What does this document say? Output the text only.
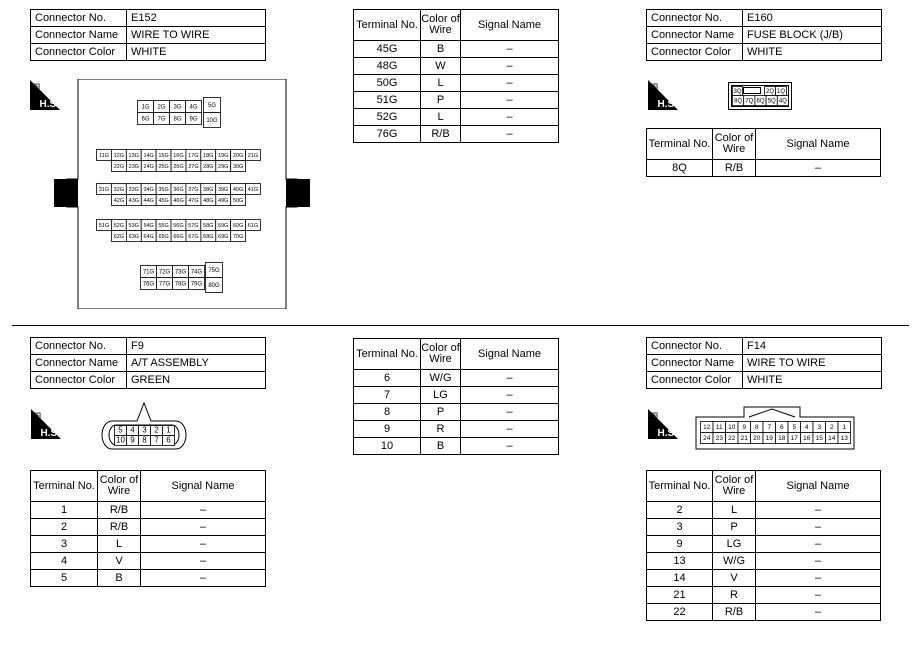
Connector No.	E152
Connector Name	WIRE TO WIRE
Connector Color	WHITE
⊞
H.S.	1G 2G 3G 4G
6G 7G 8G 9G
5G
10G
11G 12G 13G 14G 15G 16G 17G 18G 19G 20G 21G
22G 23G 24G 25G 26G 27G 28G 29G 30G
31G 32G 33G 34G 35G 36G 37G 38G 39G 40G 41G
42G 43G 44G 45G 46G 47G 48G 49G 50G
51G 52G 53G 54G 55G 56G 57G 58G 59G 60G 61G
62G 63G 64G 65G 66G 67G 68G 69G 70G
71G 72G 73G 74G
76G 77G 78G 79G
75G
80G
Terminal No.	Color of Wire	Signal Name
45G	B	–
48G	W	–
50G	L	–
51G	P	–
52G	L	–
76G	R/B	–
Connector No.	E160
Connector Name	FUSE BLOCK (J/B)
Connector Color	WHITE
⊞
H.S.
3Q	2Q 1Q
8Q 7Q 6Q 5Q 4Q
Terminal No.	Color of Wire	Signal Name
8Q	R/B	–
Connector No.	F9
Connector Name	A/T ASSEMBLY
Connector Color	GREEN
⊞
H.S.	5 4 3 2 1
10 9 8 7 6
Terminal No.	Color of Wire	Signal Name
6	W/G	–
7	LG	–
8	P	–
9	R	–
10	B	–
Terminal No.	Color of Wire	Signal Name
1	R/B	–
2	R/B	–
3	L	–
4	V	–
5	B	–
Connector No.	F14
Connector Name	WIRE TO WIRE
Connector Color	WHITE
⊞
H.S.
12 11 10 9 8 7 6 5 4 3 2 1
24 23 22 21 20 19 18 17 16 15 14 13
Terminal No.	Color of Wire	Signal Name
2	L	–
3	P	–
9	LG	–
13	W/G	–
14	V	–
21	R	–
22	R/B	–
